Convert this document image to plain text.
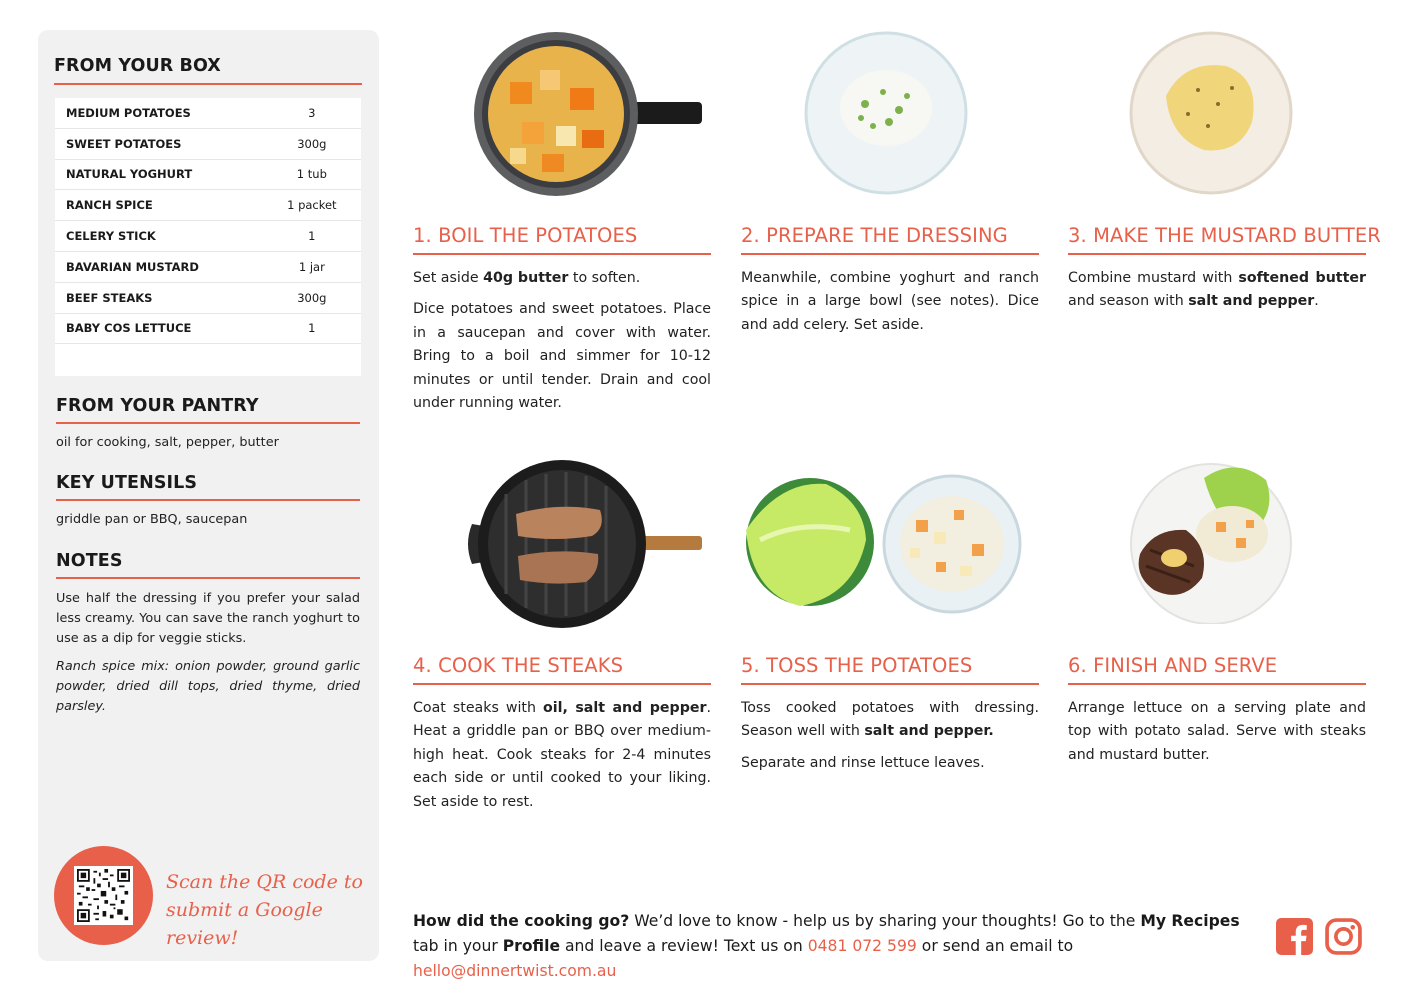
FROM YOUR BOX
MEDIUM POTATOES	3
SWEET POTATOES	300g
NATURAL YOGHURT	1 tub
RANCH SPICE	1 packet
CELERY STICK	1
BAVARIAN MUSTARD	1 jar
BEEF STEAKS	300g
BABY COS LETTUCE	1
FROM YOUR PANTRY
oil for cooking, salt, pepper, butter
KEY UTENSILS
griddle pan or BBQ, saucepan
NOTES
Use half the dressing if you prefer your salad less creamy. You can save the ranch yoghurt to use as a dip for veggie sticks.
Ranch spice mix: onion powder, ground garlic powder, dried dill tops, dried thyme, dried parsley.
Scan the QR code to
submit a Google review!
1. BOIL THE POTATOES
Set aside 40g butter to soften.
Dice potatoes and sweet potatoes. Place in a saucepan and cover with water. Bring to a boil and simmer for 10-12 minutes or until tender. Drain and cool under running water.
2. PREPARE THE DRESSING
Meanwhile, combine yoghurt and ranch spice in a large bowl (see notes). Dice and add celery. Set aside.
3. MAKE THE MUSTARD BUTTER
Combine mustard with softened butter and season with salt and pepper.
4. COOK THE STEAKS
Coat steaks with oil, salt and pepper. Heat a griddle pan or BBQ over medium-high heat. Cook steaks for 2-4 minutes each side or until cooked to your liking. Set aside to rest.
5. TOSS THE POTATOES
Toss cooked potatoes with dressing. Season well with salt and pepper.
Separate and rinse lettuce leaves.
6. FINISH AND SERVE
Arrange lettuce on a serving plate and top with potato salad. Serve with steaks and mustard butter.
How did the cooking go? We’d love to know - help us by sharing your thoughts! Go to the My Recipes tab in your Profile and leave a review! Text us on 0481 072 599 or send an email to hello@dinnertwist.com.au
